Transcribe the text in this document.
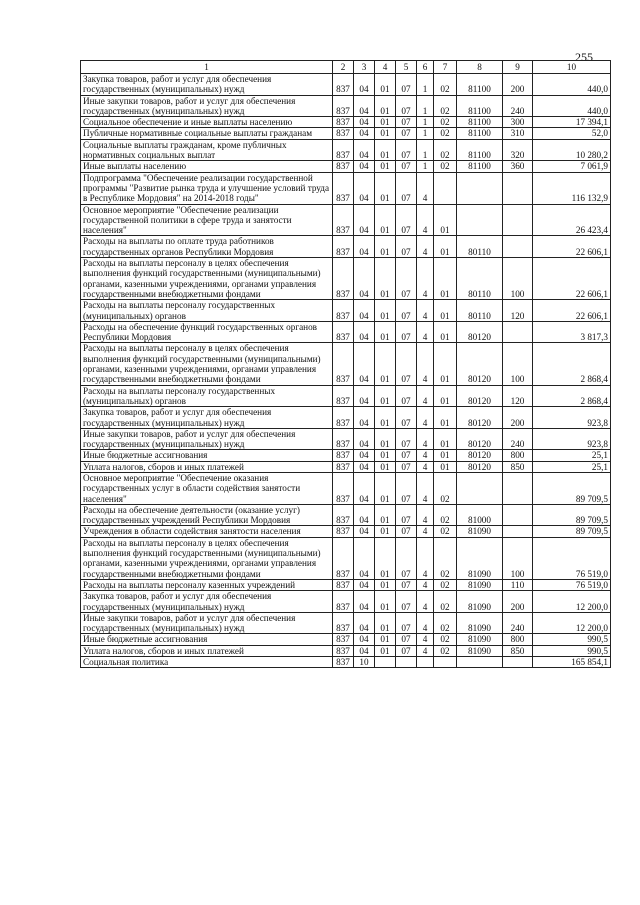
255
1	2	3	4	5	6	7	8	9	10
Закупка товаров, работ и услуг для обеспечения государственных (муниципальных) нужд	837	04	01	07	1	02	81100	200	440,0
Иные закупки товаров, работ и услуг для обеспечения государственных (муниципальных) нужд	837	04	01	07	1	02	81100	240	440,0
Социальное обеспечение и иные выплаты населению	837	04	01	07	1	02	81100	300	17 394,1
Публичные нормативные социальные выплаты гражданам	837	04	01	07	1	02	81100	310	52,0
Социальные выплаты гражданам, кроме публичных нормативных социальных выплат	837	04	01	07	1	02	81100	320	10 280,2
Иные выплаты населению	837	04	01	07	1	02	81100	360	7 061,9
Подпрограмма "Обеспечение реализации государственной программы "Развитие рынка труда и улучшение условий труда в Республике Мордовия" на 2014-2018 годы"	837	04	01	07	4				116 132,9
Основное мероприятие "Обеспечение реализации государственной политики в сфере труда и занятости населения"	837	04	01	07	4	01			26 423,4
Расходы на выплаты по оплате труда работников государственных органов Республики Мордовия	837	04	01	07	4	01	80110		22 606,1
Расходы на выплаты персоналу в целях обеспечения выполнения функций государственными (муниципальными) органами, казенными учреждениями, органами управления государственными внебюджетными фондами	837	04	01	07	4	01	80110	100	22 606,1
Расходы на выплаты персоналу государственных (муниципальных) органов	837	04	01	07	4	01	80110	120	22 606,1
Расходы на обеспечение функций государственных органов Республики Мордовия	837	04	01	07	4	01	80120		3 817,3
Расходы на выплаты персоналу в целях обеспечения выполнения функций государственными (муниципальными) органами, казенными учреждениями, органами управления государственными внебюджетными фондами	837	04	01	07	4	01	80120	100	2 868,4
Расходы на выплаты персоналу государственных (муниципальных) органов	837	04	01	07	4	01	80120	120	2 868,4
Закупка товаров, работ и услуг для обеспечения государственных (муниципальных) нужд	837	04	01	07	4	01	80120	200	923,8
Иные закупки товаров, работ и услуг для обеспечения государственных (муниципальных) нужд	837	04	01	07	4	01	80120	240	923,8
Иные бюджетные ассигнования	837	04	01	07	4	01	80120	800	25,1
Уплата налогов, сборов и иных платежей	837	04	01	07	4	01	80120	850	25,1
Основное мероприятие "Обеспечение оказания государственных услуг в области содействия занятости населения"	837	04	01	07	4	02			89 709,5
Расходы на обеспечение деятельности (оказание услуг) государственных учреждений Республики Мордовия	837	04	01	07	4	02	81000		89 709,5
Учреждения в области содействия занятости населения	837	04	01	07	4	02	81090		89 709,5
Расходы на выплаты персоналу в целях обеспечения выполнения функций государственными (муниципальными) органами, казенными учреждениями, органами управления государственными внебюджетными фондами	837	04	01	07	4	02	81090	100	76 519,0
Расходы на выплаты персоналу казенных учреждений	837	04	01	07	4	02	81090	110	76 519,0
Закупка товаров, работ и услуг для обеспечения государственных (муниципальных) нужд	837	04	01	07	4	02	81090	200	12 200,0
Иные закупки товаров, работ и услуг для обеспечения государственных (муниципальных) нужд	837	04	01	07	4	02	81090	240	12 200,0
Иные бюджетные ассигнования	837	04	01	07	4	02	81090	800	990,5
Уплата налогов, сборов и иных платежей	837	04	01	07	4	02	81090	850	990,5
Социальная политика	837	10							165 854,1
